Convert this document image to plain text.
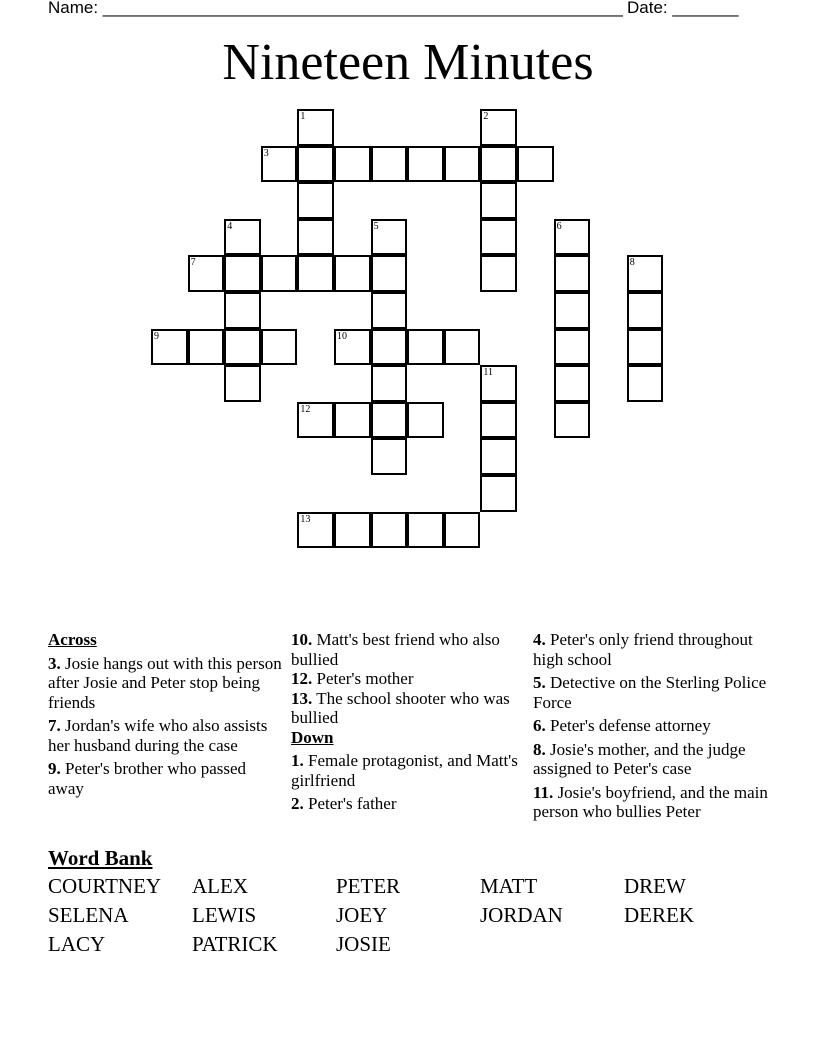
Name: _______________________________________________________ Date: _______
Nineteen Minutes
1	2
3
4	5	6
7	8
9	10
11
12
13
Across
3. Josie hangs out with this person after Josie and Peter stop being friends
7. Jordan's wife who also assists her husband during the case
9. Peter's brother who passed away
10. Matt's best friend who also bullied
12. Peter's mother
13. The school shooter who was bullied
Down
1. Female protagonist, and Matt's girlfriend
2. Peter's father
4. Peter's only friend throughout high school
5. Detective on the Sterling Police Force
6. Peter's defense attorney
8. Josie's mother, and the judge assigned to Peter's case
11. Josie's boyfriend, and the main person who bullies Peter
Word Bank
COURTNEY	ALEX	PETER	MATT	DREW
SELENA	LEWIS	JOEY	JORDAN	DEREK
LACY	PATRICK	JOSIE
